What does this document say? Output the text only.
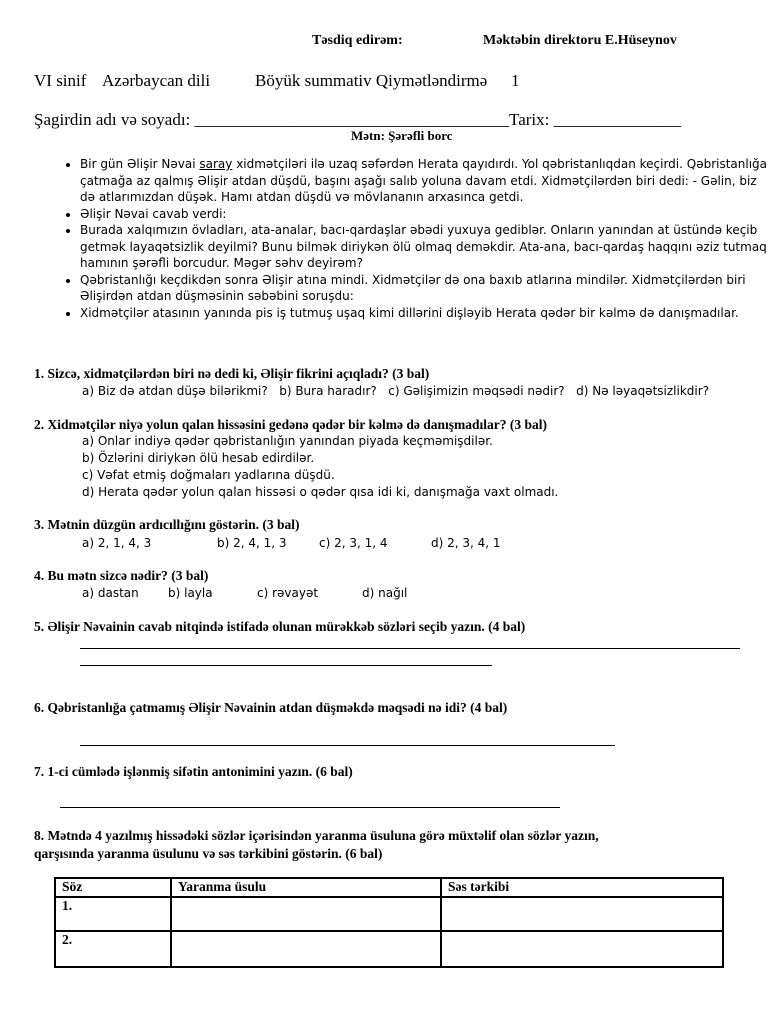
Təsdiq edirəm:	Məktəbin direktoru E.Hüseynov
VI sinif Azərbaycan dili	Böyük summativ Qiymətləndirmə 1
Şagirdin adı və soyadı: _____________________________________Tarix: _______________
Mətn: Şərəfli borc
• Bir gün Əlişir Nəvai saray xidmətçiləri ilə uzaq səfərdən Herata qayıdırdı. Yol qəbristanlıqdan keçirdi. Qəbristanlığa çatmağa az qalmış Əlişir atdan düşdü, başını aşağı salıb yoluna davam etdi. Xidmətçilərdən biri dedi: - Gəlin, biz də atlarımızdan düşək. Hamı atdan düşdü və mövlananın arxasınca getdi.
• Əlişir Nəvai cavab verdi:
• Burada xalqımızın övladları, ata-analar, bacı-qardaşlar əbədi yuxuya gediblər. Onların yanından at üstündə keçib getmək layaqətsizlik deyilmi? Bunu bilmək diriykən ölü olmaq deməkdir. Ata-ana, bacı-qardaş haqqını əziz tutmaq hamının şərəfli borcudur. Məgər səhv deyirəm?
• Qəbristanlığı keçdikdən sonra Əlişir atına mindi. Xidmətçilər də ona baxıb atlarına mindilər. Xidmətçilərdən biri Əlişirdən atdan düşməsinin səbəbini soruşdu:
• Xidmətçilər atasının yanında pis iş tutmuş uşaq kimi dillərini dişləyib Herata qədər bir kəlmə də danışmadılar.
1. Sizcə, xidmətçilərdən biri nə dedi ki, Əlişir fikrini açıqladı? (3 bal)
a) Biz də atdan düşə bilərikmi? b) Bura haradır? c) Gəlişimizin məqsədi nədir? d) Nə ləyaqətsizlikdir?
2. Xidmətçilər niyə yolun qalan hissəsini gedənə qədər bir kəlmə də danışmadılar? (3 bal)
a) Onlar indiyə qədər qəbristanlığın yanından piyada keçməmişdilər.
b) Özlərini diriykən ölü hesab edirdilər.
c) Vəfat etmiş doğmaları yadlarına düşdü.
d) Herata qədər yolun qalan hissəsi o qədər qısa idi ki, danışmağa vaxt olmadı.
3. Mətnin düzgün ardıcıllığını göstərin. (3 bal)
a) 2, 1, 4, 3	b) 2, 4, 1, 3	c) 2, 3, 1, 4	d) 2, 3, 4, 1
4. Bu mətn sizcə nədir? (3 bal)
a) dastan b) layla	c) rəvayət	d) nağıl
5. Əlişir Nəvainin cavab nitqində istifadə olunan mürəkkəb sözləri seçib yazın. (4 bal)
6. Qəbristanlığa çatmamış Əlişir Nəvainin atdan düşməkdə məqsədi nə idi? (4 bal)
7. 1-ci cümlədə işlənmiş sifətin antonimini yazın. (6 bal)
8. Mətndə 4 yazılmış hissədəki sözlər içərisindən yaranma üsuluna görə müxtəlif olan sözlər yazın,
qarşısında yaranma üsulunu və səs tərkibini göstərin. (6 bal)
Söz	Yaranma üsulu	Səs tərkibi
1.		
2.		
